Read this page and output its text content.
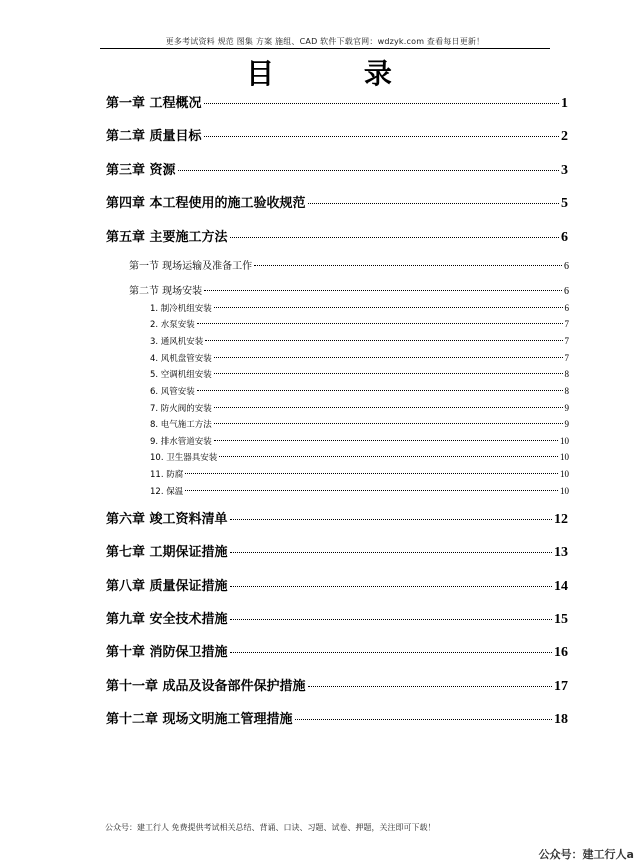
更多考试资料 规范 图集 方案 施组、CAD 软件下载官网：wdzyk.com 查看每日更新！
目 录
第一章 工程概况	1
第二章 质量目标	2
第三章 资源	3
第四章 本工程使用的施工验收规范	5
第五章 主要施工方法	6
第一节 现场运输及准备工作	6
第二节 现场安装	6
1. 制冷机组安装	6
2. 水泵安装	7
3. 通风机安装	7
4. 风机盘管安装	7
5. 空调机组安装	8
6. 风管安装	8
7. 防火阀的安装	9
8. 电气施工方法	9
9. 排水管道安装	10
10. 卫生器具安装	10
11. 防腐	10
12. 保温	10
第六章 竣工资料清单	12
第七章 工期保证措施	13
第八章 质量保证措施	14
第九章 安全技术措施	15
第十章 消防保卫措施	16
第十一章 成品及设备部件保护措施	17
第十二章 现场文明施工管理措施	18
公众号：建工行人 免费提供考试相关总结、背诵、口诀、习题、试卷、押题，关注即可下载！
公众号：建工行人a
